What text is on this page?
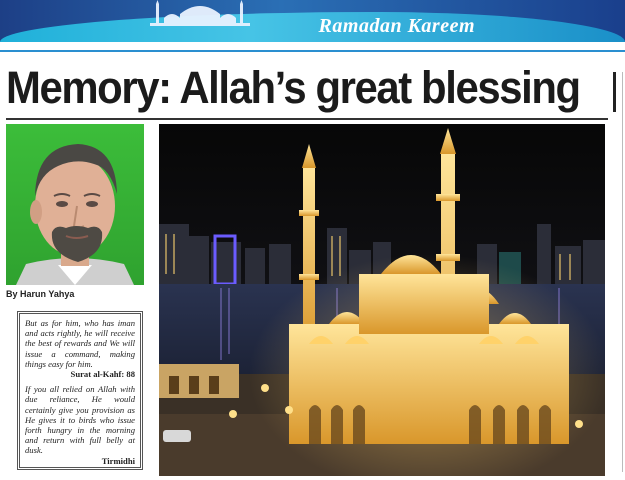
Ramadan Kareem
Memory: Allah’s great blessing
By Harun Yahya

But as for him, who has iman and acts rightly, he will receive the best of rewards and We will issue a command, making things easy for him.

Surat al-Kahf: 88

If you all relied on Allah with due reliance, He would certainly give you provision as He gives it to birds who issue forth hungry in the morning and return with full belly at dusk.

Tirmidhi
